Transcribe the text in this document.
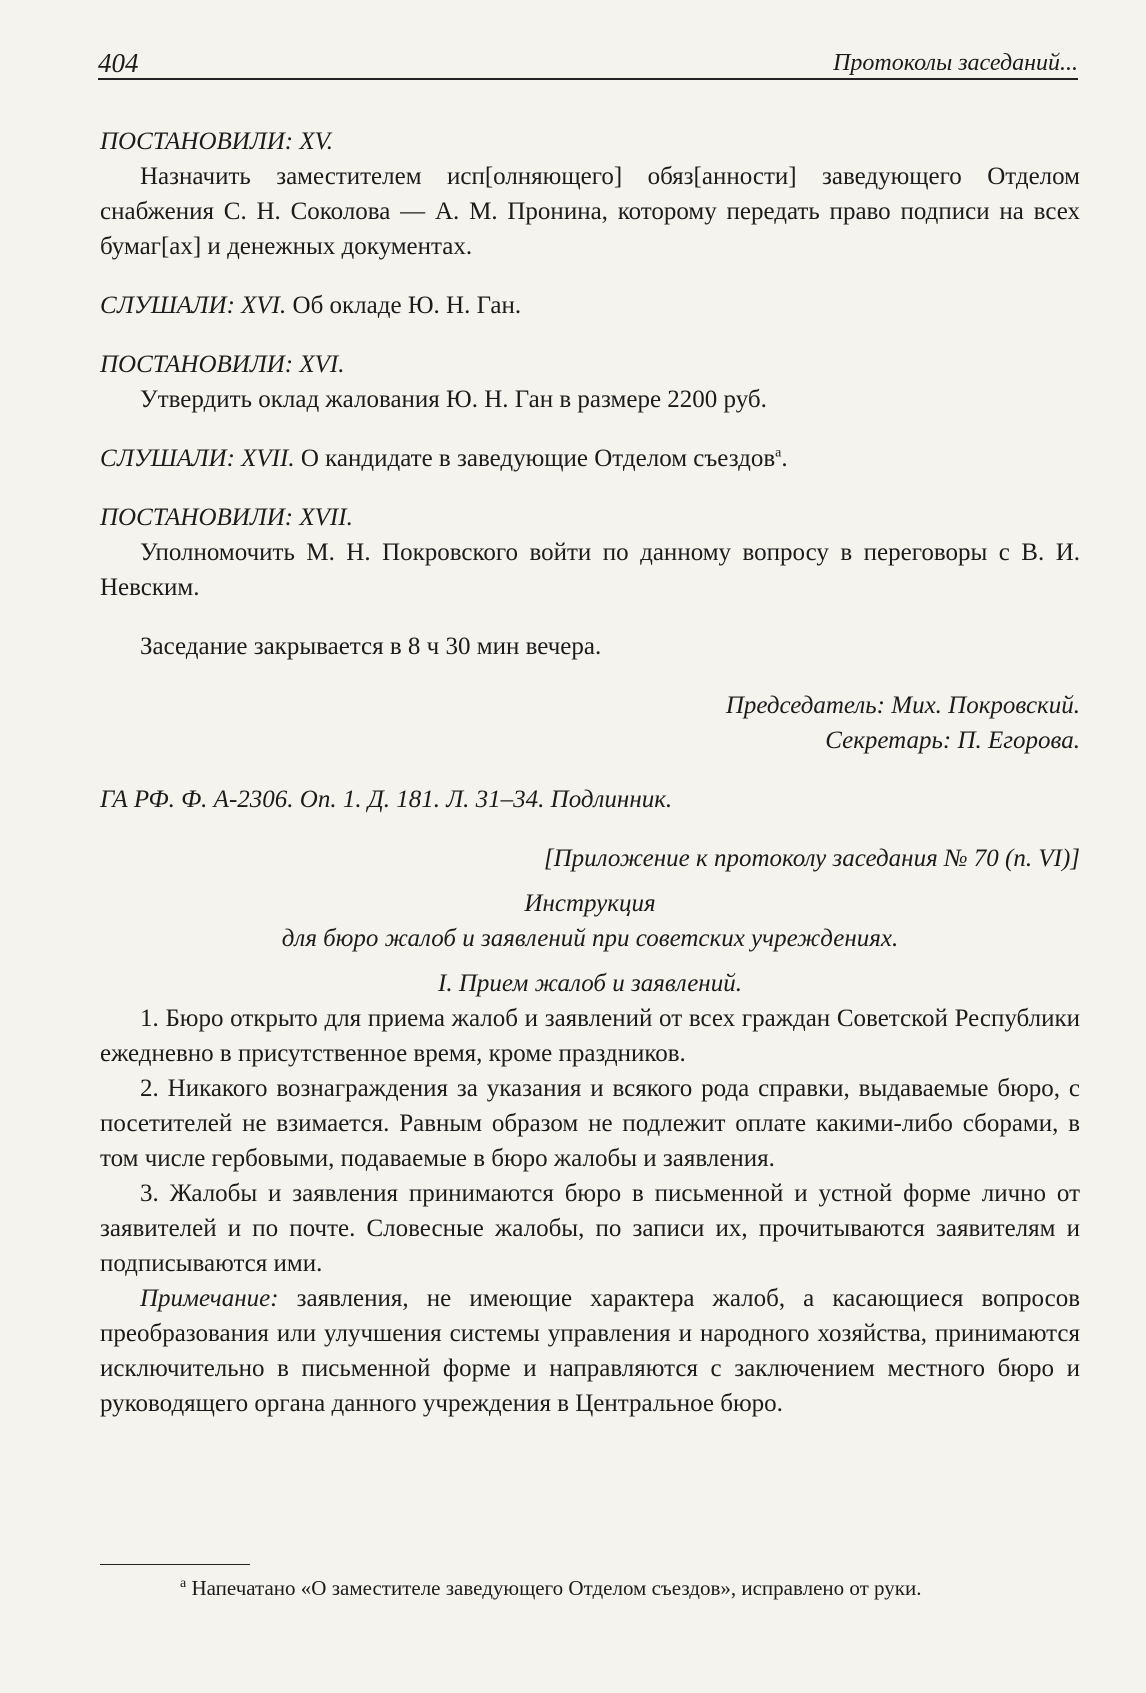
404	Протоколы заседаний...

ПОСТАНОВИЛИ: XV.

Назначить заместителем исп[олняющего] обяз[анности] заведующего Отделом снабжения С. Н. Соколова — А. М. Пронина, которому передать право подписи на всех бумаг[ах] и денежных документах.

СЛУШАЛИ: XVI. Об окладе Ю. Н. Ган.

ПОСТАНОВИЛИ: XVI.

Утвердить оклад жалования Ю. Н. Ган в размере 2200 руб.

СЛУШАЛИ: XVII. О кандидате в заведующие Отделом съездов$^а$.

ПОСТАНОВИЛИ: XVII.

Уполномочить М. Н. Покровского войти по данному вопросу в переговоры с В. И. Невским.

Заседание закрывается в 8 ч 30 мин вечера.

Председатель: Мих. Покровский.

Секретарь: П. Егорова.

ГА РФ. Ф. А-2306. Оп. 1. Д. 181. Л. 31–34. Подлинник.

[Приложение к протоколу заседания № 70 (п. VI)]

Инструкция

для бюро жалоб и заявлений при советских учреждениях.

I. Прием жалоб и заявлений.

1. Бюро открыто для приема жалоб и заявлений от всех граждан Советской Республики ежедневно в присутственное время, кроме праздников.

2. Никакого вознаграждения за указания и всякого рода справки, выдаваемые бюро, с посетителей не взимается. Равным образом не подлежит оплате какими-либо сборами, в том числе гербовыми, подаваемые в бюро жалобы и заявления.

3. Жалобы и заявления принимаются бюро в письменной и устной форме лично от заявителей и по почте. Словесные жалобы, по записи их, прочитываются заявителям и подписываются ими.

Примечание: заявления, не имеющие характера жалоб, а касающиеся вопросов преобразования или улучшения системы управления и народного хозяйства, принимаются исключительно в письменной форме и направляются с заключением местного бюро и руководящего органа данного учреждения в Центральное бюро.

$^а$ Напечатано «О заместителе заведующего Отделом съездов», исправлено от руки.
